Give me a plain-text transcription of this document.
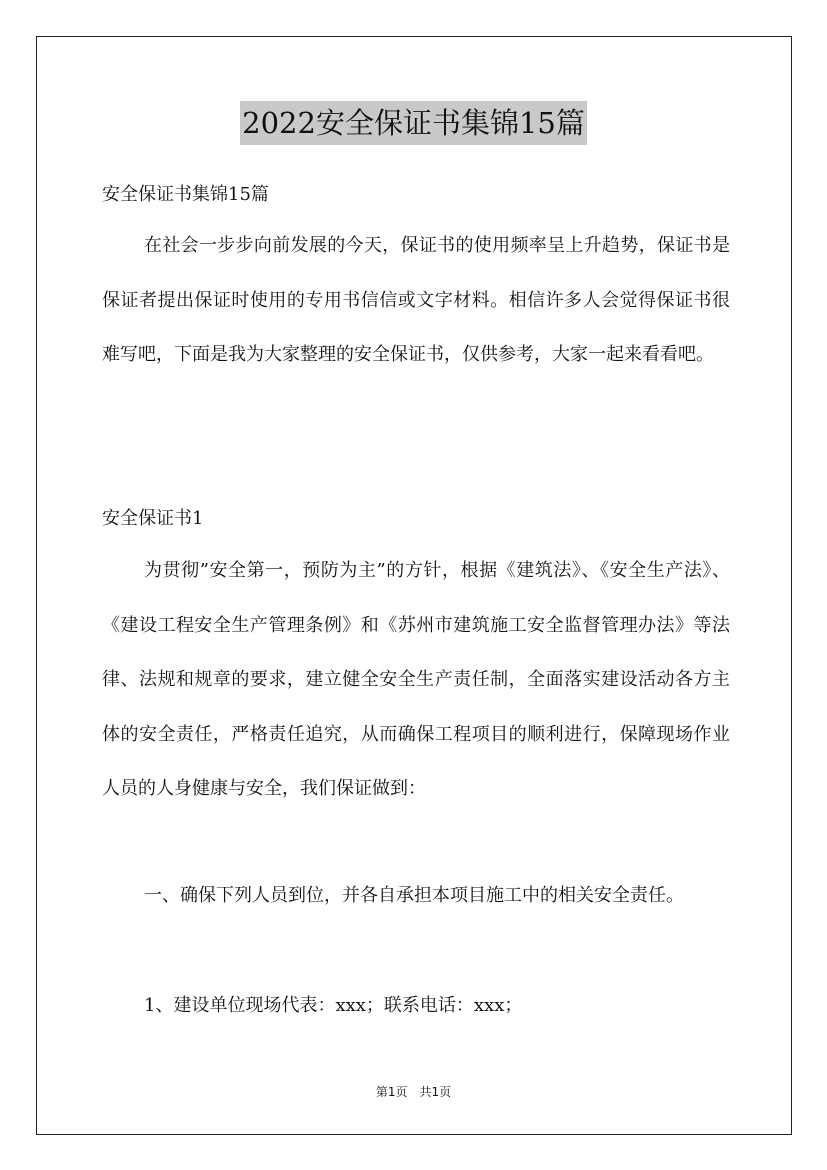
2022安全保证书集锦15篇

安全保证书集锦15篇

在社会一步步向前发展的今天，保证书的使用频率呈上升趋势，保证书是保证者提出保证时使用的专用书信信或文字材料。相信许多人会觉得保证书很难写吧，下面是我为大家整理的安全保证书，仅供参考，大家一起来看看吧。

安全保证书1

为贯彻”安全第一，预防为主”的方针，根据《建筑法》、《安全生产法》、《建设工程安全生产管理条例》和《苏州市建筑施工安全监督管理办法》等法律、法规和规章的要求，建立健全安全生产责任制，全面落实建设活动各方主体的安全责任，严格责任追究，从而确保工程项目的顺利进行，保障现场作业人员的人身健康与安全，我们保证做到：

一、确保下列人员到位，并各自承担本项目施工中的相关安全责任。

1、建设单位现场代表：xxx；联系电话：xxx；

第1页　共1页
